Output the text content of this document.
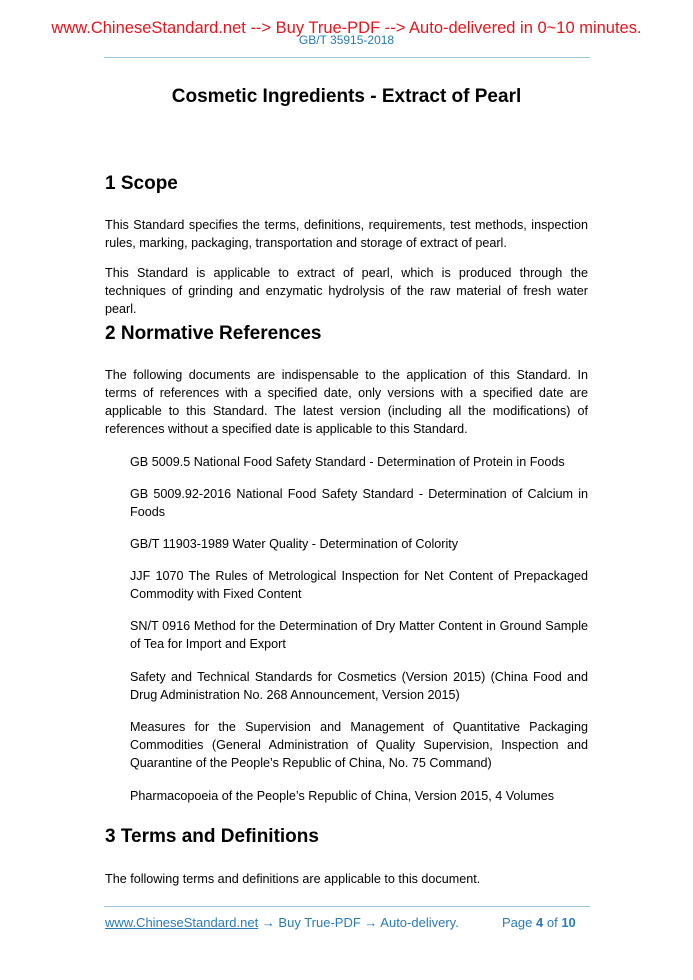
www.ChineseStandard.net --> Buy True-PDF --> Auto-delivered in 0~10 minutes.
GB/T 35915-2018
Cosmetic Ingredients - Extract of Pearl
1 Scope
This Standard specifies the terms, definitions, requirements, test methods, inspection rules, marking, packaging, transportation and storage of extract of pearl.
This Standard is applicable to extract of pearl, which is produced through the techniques of grinding and enzymatic hydrolysis of the raw material of fresh water pearl.
2 Normative References
The following documents are indispensable to the application of this Standard. In terms of references with a specified date, only versions with a specified date are applicable to this Standard. The latest version (including all the modifications) of references without a specified date is applicable to this Standard.
GB 5009.5 National Food Safety Standard - Determination of Protein in Foods
GB 5009.92-2016 National Food Safety Standard - Determination of Calcium in Foods
GB/T 11903-1989 Water Quality - Determination of Colority
JJF 1070 The Rules of Metrological Inspection for Net Content of Prepackaged Commodity with Fixed Content
SN/T 0916 Method for the Determination of Dry Matter Content in Ground Sample of Tea for Import and Export
Safety and Technical Standards for Cosmetics (Version 2015) (China Food and Drug Administration No. 268 Announcement, Version 2015)
Measures for the Supervision and Management of Quantitative Packaging Commodities (General Administration of Quality Supervision, Inspection and Quarantine of the People’s Republic of China, No. 75 Command)
Pharmacopoeia of the People’s Republic of China, Version 2015, 4 Volumes
3 Terms and Definitions
The following terms and definitions are applicable to this document.
www.ChineseStandard.net → Buy True-PDF → Auto-delivery.	Page 4 of 10
